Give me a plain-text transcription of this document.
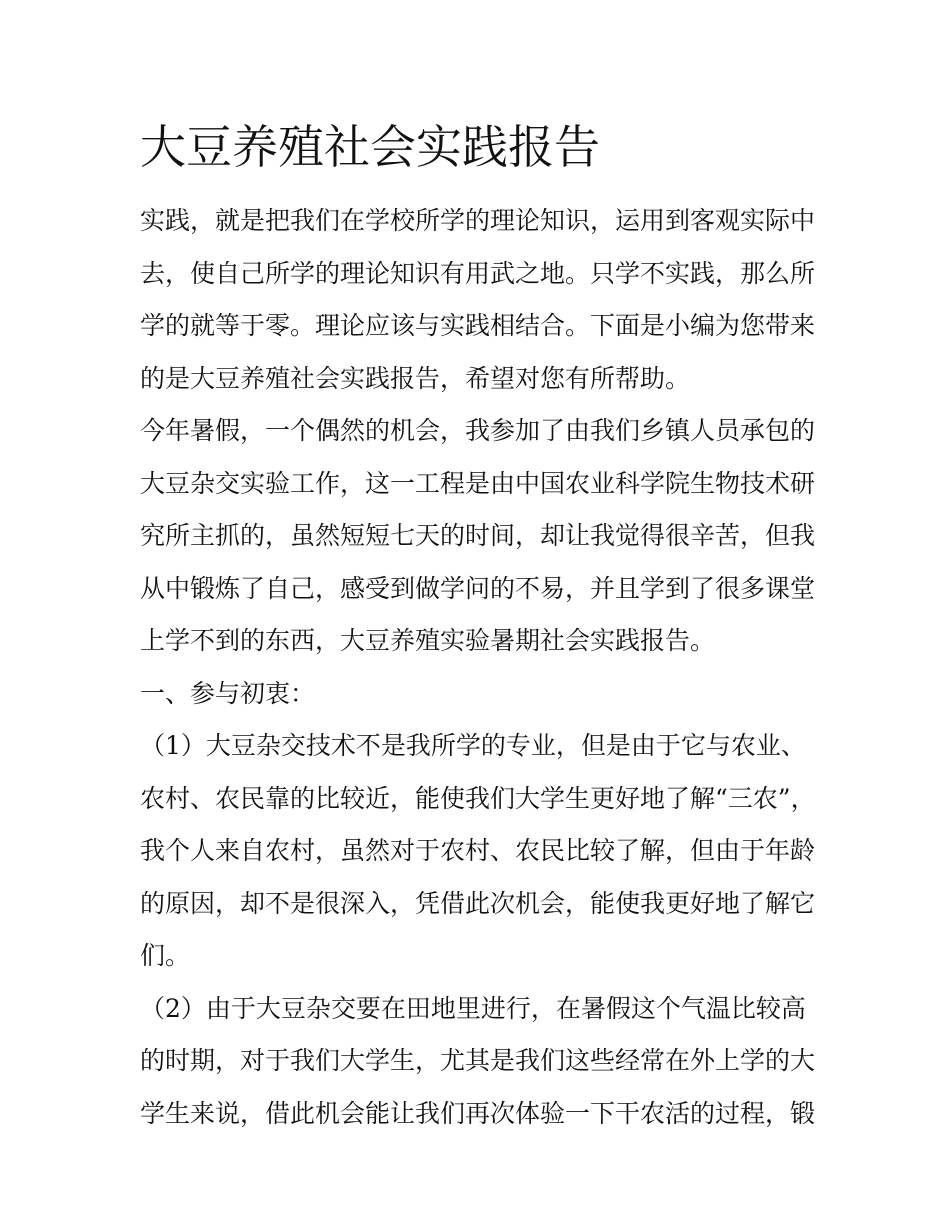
大豆养殖社会实践报告
实践，就是把我们在学校所学的理论知识，运用到客观实际中
去，使自己所学的理论知识有用武之地。只学不实践，那么所
学的就等于零。理论应该与实践相结合。下面是小编为您带来
的是大豆养殖社会实践报告，希望对您有所帮助。
今年暑假，一个偶然的机会，我参加了由我们乡镇人员承包的
大豆杂交实验工作，这一工程是由中国农业科学院生物技术研
究所主抓的，虽然短短七天的时间，却让我觉得很辛苦，但我
从中锻炼了自己，感受到做学问的不易，并且学到了很多课堂
上学不到的东西，大豆养殖实验暑期社会实践报告。
一、参与初衷：
（1）大豆杂交技术不是我所学的专业，但是由于它与农业、
农村、农民靠的比较近，能使我们大学生更好地了解“三农”，
我个人来自农村，虽然对于农村、农民比较了解，但由于年龄
的原因，却不是很深入，凭借此次机会，能使我更好地了解它
们。
（2）由于大豆杂交要在田地里进行，在暑假这个气温比较高
的时期，对于我们大学生，尤其是我们这些经常在外上学的大
学生来说，借此机会能让我们再次体验一下干农活的过程，锻
